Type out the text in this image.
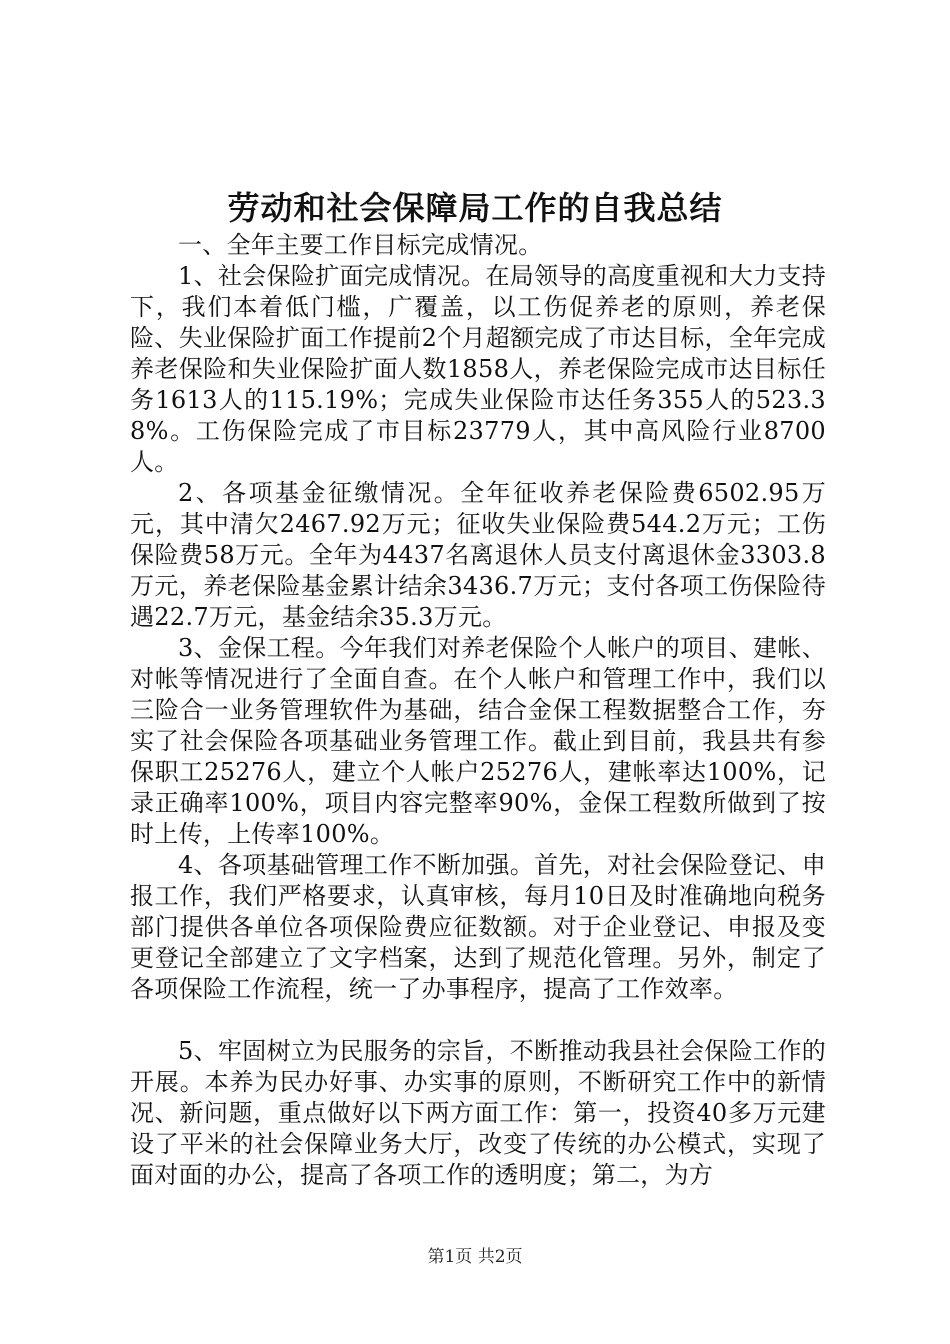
劳动和社会保障局工作的自我总结

一、全年主要工作目标完成情况。

1、社会保险扩面完成情况。在局领导的高度重视和大力支持下，我们本着低门槛，广覆盖，以工伤促养老的原则，养老保险、失业保险扩面工作提前2个月超额完成了市达目标，全年完成养老保险和失业保险扩面人数1858人，养老保险完成市达目标任务1613人的115.19%；完成失业保险市达任务355人的523.38%。工伤保险完成了市目标23779人，其中高风险行业8700人。

2、各项基金征缴情况。全年征收养老保险费6502.95万元，其中清欠2467.92万元；征收失业保险费544.2万元；工伤保险费58万元。全年为4437名离退休人员支付离退休金3303.8万元，养老保险基金累计结余3436.7万元；支付各项工伤保险待遇22.7万元，基金结余35.3万元。

3、金保工程。今年我们对养老保险个人帐户的项目、建帐、对帐等情况进行了全面自查。在个人帐户和管理工作中，我们以三险合一业务管理软件为基础，结合金保工程数据整合工作，夯实了社会保险各项基础业务管理工作。截止到目前，我县共有参保职工25276人，建立个人帐户25276人，建帐率达100%，记录正确率100%，项目内容完整率90%，金保工程数所做到了按时上传，上传率100%。

4、各项基础管理工作不断加强。首先，对社会保险登记、申报工作，我们严格要求，认真审核，每月10日及时准确地向税务部门提供各单位各项保险费应征数额。对于企业登记、申报及变更登记全部建立了文字档案，达到了规范化管理。另外，制定了各项保险工作流程，统一了办事程序，提高了工作效率。

5、牢固树立为民服务的宗旨，不断推动我县社会保险工作的开展。本养为民办好事、办实事的原则，不断研究工作中的新情况、新问题，重点做好以下两方面工作：第一，投资40多万元建设了平米的社会保障业务大厅，改变了传统的办公模式，实现了面对面的办公，提高了各项工作的透明度；第二，为方

第1页 共2页
